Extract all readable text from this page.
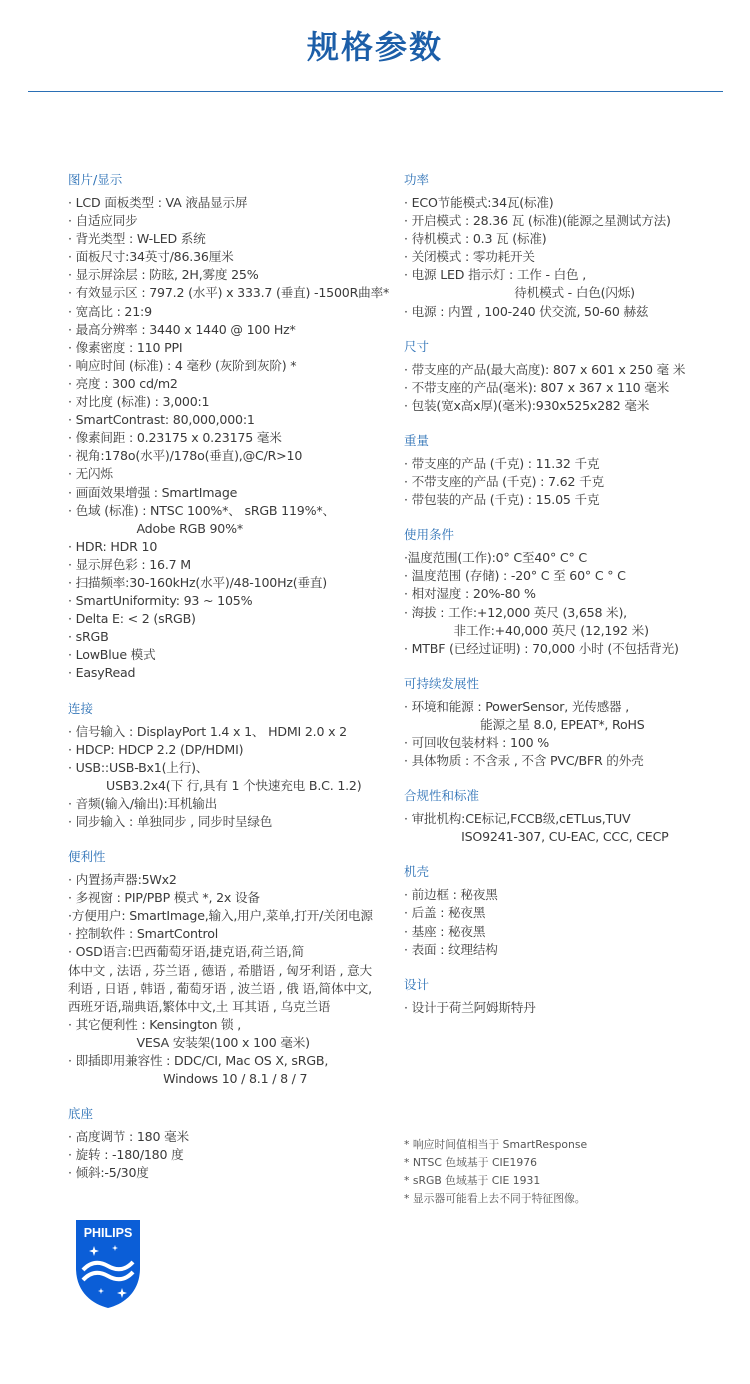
规格参数
图片/显示
· LCD 面板类型 : VA 液晶显示屏
· 自适应同步
· 背光类型 : W-LED 系统
· 面板尺寸:34英寸/86.36厘米
· 显示屏涂层 : 防眩, 2H,雾度 25%
· 有效显示区 : 797.2 (水平) x 333.7 (垂直) -1500R曲率*
· 宽高比 : 21:9
· 最高分辨率 : 3440 x 1440 @ 100 Hz*
· 像素密度 : 110 PPI
· 响应时间 (标准) : 4 毫秒 (灰阶到灰阶) *
· 亮度 : 300 cd/m2
· 对比度 (标准) : 3,000:1
· SmartContrast: 80,000,000:1
· 像素间距 : 0.23175 x 0.23175 毫米
· 视角:178o(水平)/178o(垂直),@C/R>10
· 无闪烁
· 画面效果增强 : SmartImage
· 色域 (标准) : NTSC 100%*、 sRGB 119%*、
Adobe RGB 90%*
· HDR: HDR 10
· 显示屏色彩 : 16.7 M
· 扫描频率:30-160kHz(水平)/48-100Hz(垂直)
· SmartUniformity: 93 ~ 105%
· Delta E: < 2 (sRGB)
· sRGB
· LowBlue 模式
· EasyRead
连接
· 信号输入 : DisplayPort 1.4 x 1、 HDMI 2.0 x 2
· HDCP: HDCP 2.2 (DP/HDMI)
· USB::USB-Bx1(上行)、
USB3.2x4(下 行,具有 1 个快速充电 B.C. 1.2)
· 音频(输入/输出):耳机输出
· 同步输入 : 单独同步 , 同步时呈绿色
便利性
· 内置扬声器:5Wx2
· 多视窗 : PIP/PBP 模式 *, 2x 设备
·方便用户: SmartImage,输入,用户,菜单,打开/关闭电源
· 控制软件 : SmartControl
· OSD语言:巴西葡萄牙语,捷克语,荷兰语,简
体中文 , 法语 , 芬兰语 , 德语 , 希腊语 , 匈牙利语 , 意大
利语 , 日语 , 韩语 , 葡萄牙语 , 波兰语 , 俄 语,简体中文,
西班牙语,瑞典语,繁体中文,土 耳其语 , 乌克兰语
· 其它便利性 : Kensington 锁 ,
VESA 安装架(100 x 100 毫米)
· 即插即用兼容性 : DDC/CI, Mac OS X, sRGB,
Windows 10 / 8.1 / 8 / 7
底座
· 高度调节 : 180 毫米
· 旋转 : -180/180 度
· 倾斜:-5/30度
功率
· ECO节能模式:34瓦(标准)
· 开启模式 : 28.36 瓦 (标准)(能源之星测试方法)
· 待机模式 : 0.3 瓦 (标准)
· 关闭模式 : 零功耗开关
· 电源 LED 指示灯 : 工作 - 白色 ,
待机模式 - 白色(闪烁)
· 电源 : 内置 , 100-240 伏交流, 50-60 赫兹
尺寸
· 带支座的产品(最大高度): 807 x 601 x 250 毫 米
· 不带支座的产品(毫米): 807 x 367 x 110 毫米
· 包装(宽x高x厚)(毫米):930x525x282 毫米
重量
· 带支座的产品 (千克) : 11.32 千克
· 不带支座的产品 (千克) : 7.62 千克
· 带包装的产品 (千克) : 15.05 千克
使用条件
·温度范围(工作):0° C至40° C° C
· 温度范围 (存储) : -20° C 至 60° C ° C
· 相对湿度 : 20%-80 %
· 海拔 : 工作:+12,000 英尺 (3,658 米),
非工作:+40,000 英尺 (12,192 米)
· MTBF (已经过证明) : 70,000 小时 (不包括背光)
可持续发展性
· 环境和能源 : PowerSensor, 光传感器 ,
能源之星 8.0, EPEAT*, RoHS
· 可回收包装材料 : 100 %
· 具体物质 : 不含汞 , 不含 PVC/BFR 的外壳
合规性和标准
· 审批机构:CE标记,FCCB级,cETLus,TUV
ISO9241-307, CU-EAC, CCC, CECP
机壳
· 前边框 : 秘夜黑
· 后盖 : 秘夜黑
· 基座 : 秘夜黑
· 表面 : 纹理结构
设计
· 设计于荷兰阿姆斯特丹
* 响应时间值相当于 SmartResponse
* NTSC 色域基于 CIE1976
* sRGB 色域基于 CIE 1931
* 显示器可能看上去不同于特征图像。
PHILIPS
